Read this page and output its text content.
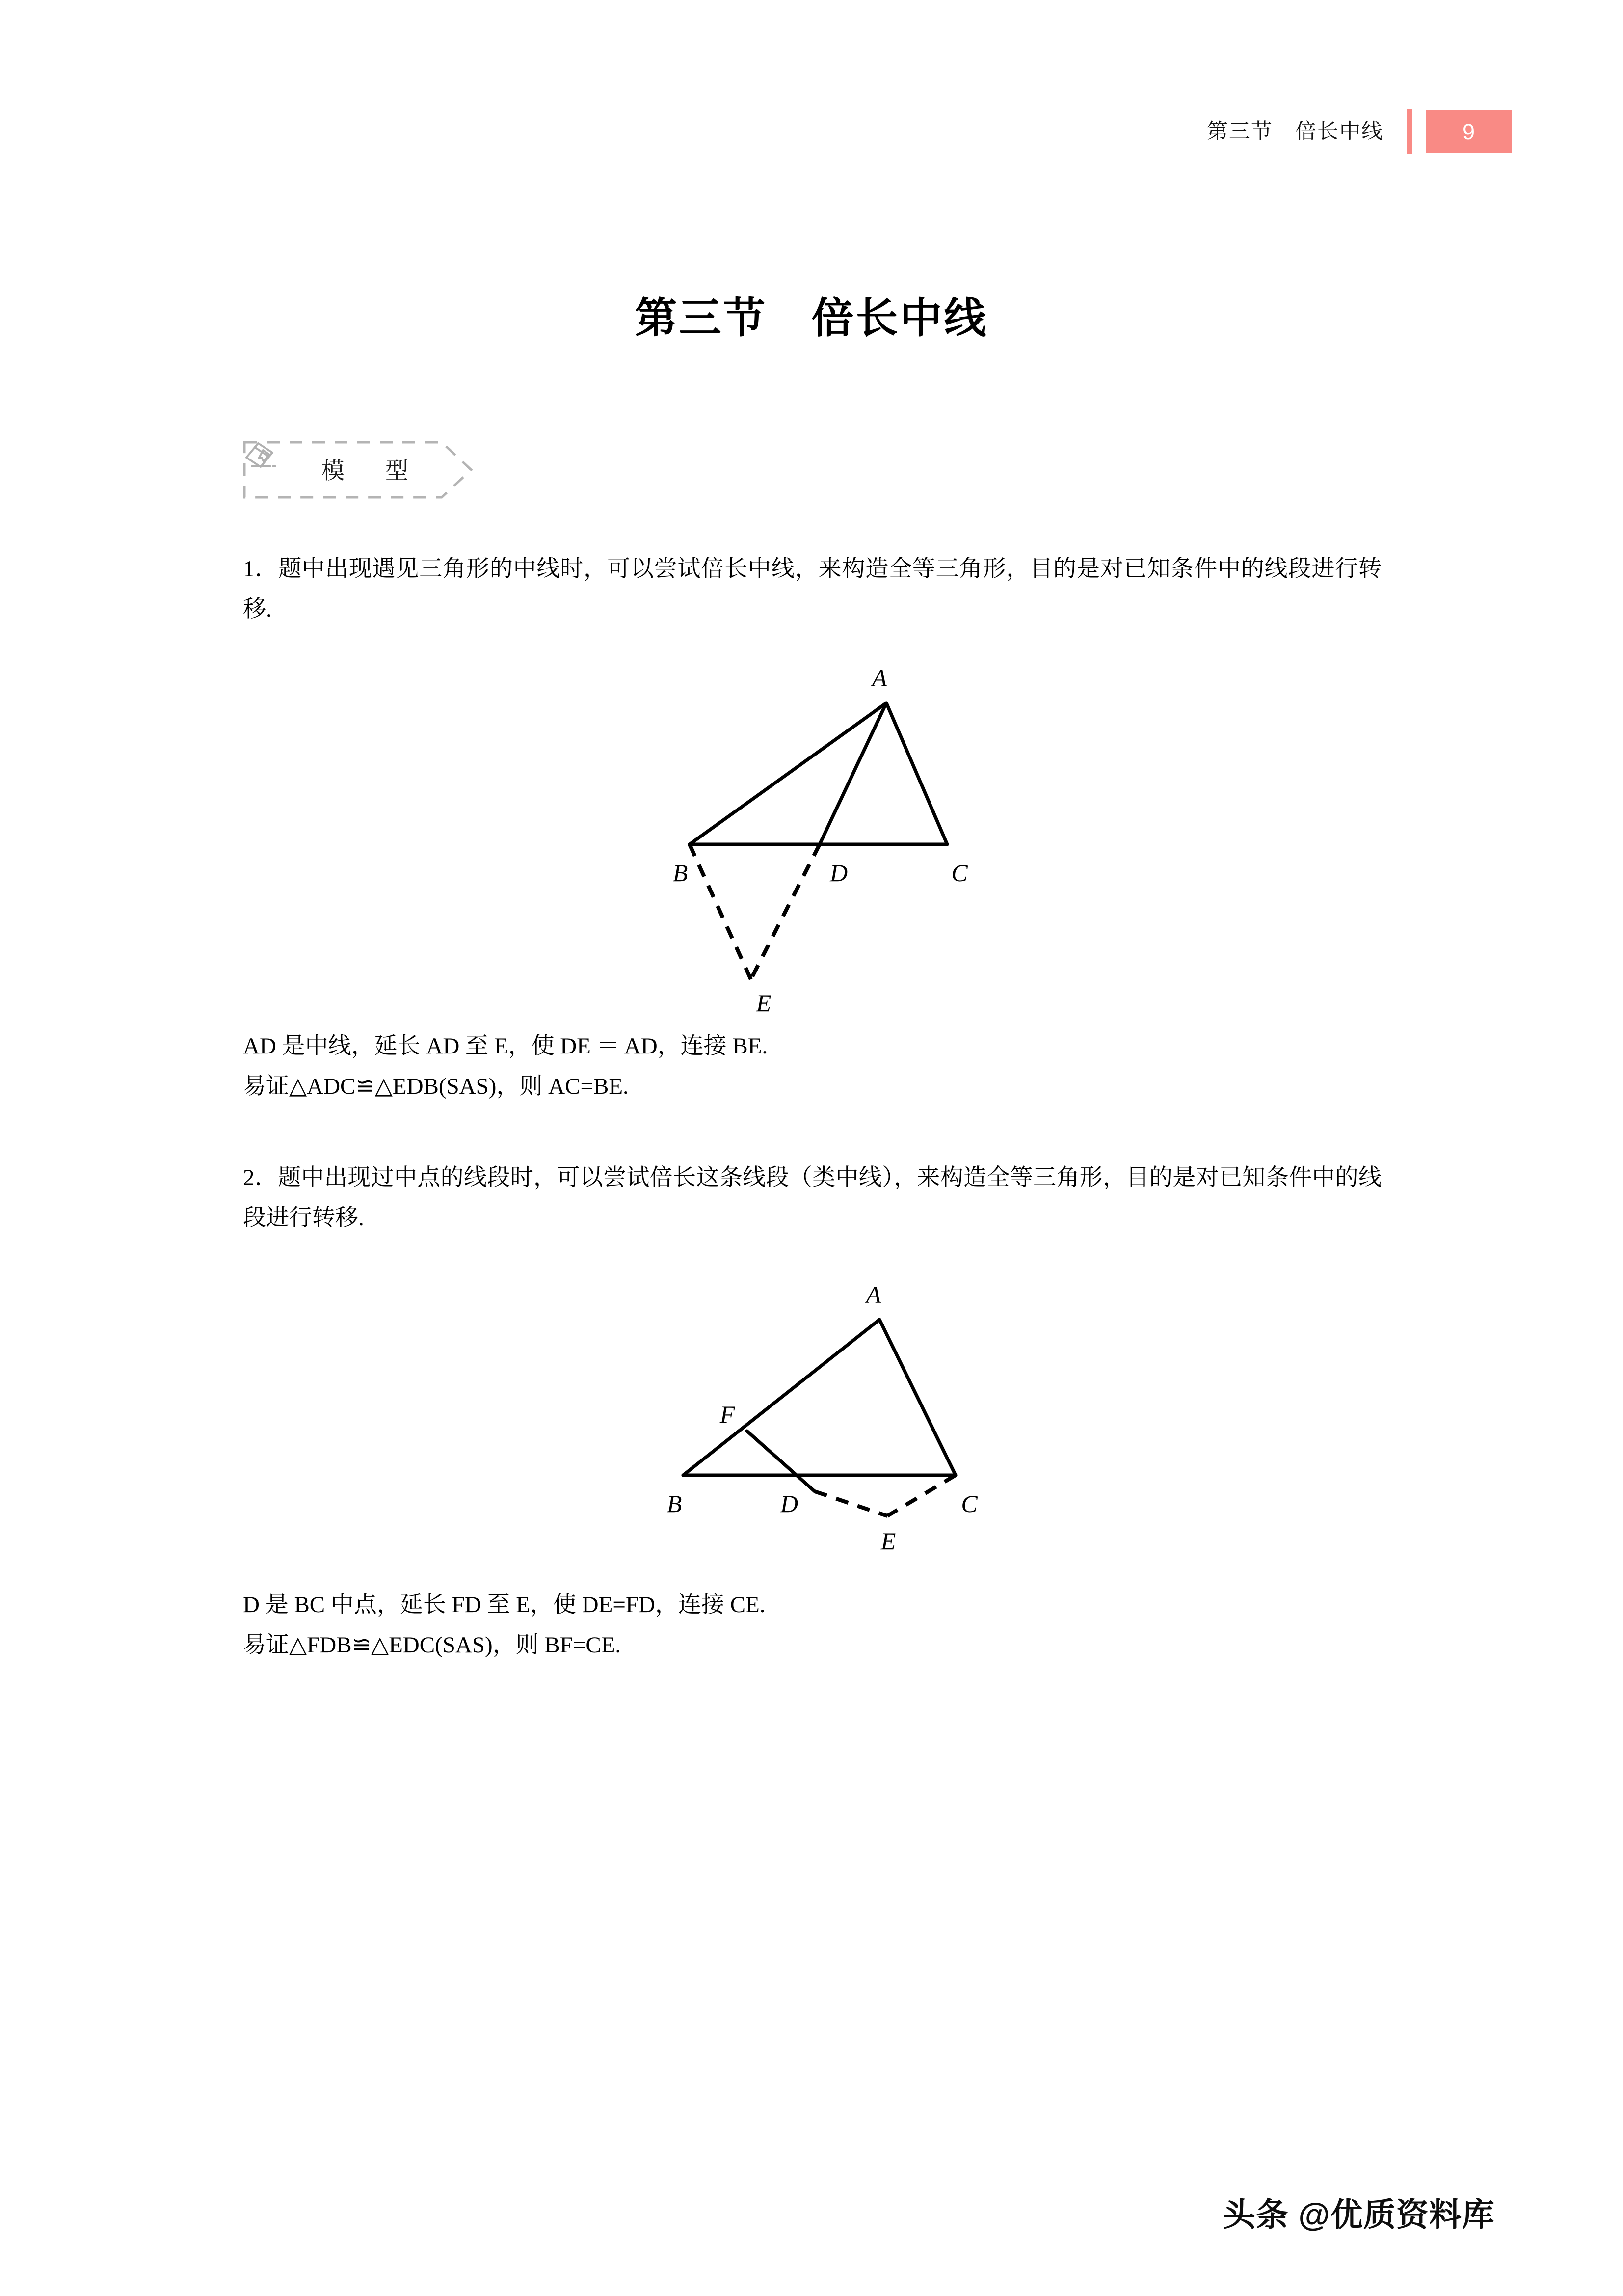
第三节　倍长中线	9
第三节　倍长中线
模　型
1．题中出现遇见三角形的中线时，可以尝试倍长中线，来构造全等三角形，目的是对已知条件中的线段进行转移.
A
B	D	C
E
AD 是中线，延长 AD 至 E，使 DE ＝ AD，连接 BE.
易证△ADC≌△EDB(SAS)，则 AC=BE.
2．题中出现过中点的线段时，可以尝试倍长这条线段（类中线），来构造全等三角形，目的是对已知条件中的线段进行转移.
A
F
B	D	C
E
D 是 BC 中点，延长 FD 至 E，使 DE=FD，连接 CE.
易证△FDB≌△EDC(SAS)，则 BF=CE.
头条 @优质资料库
